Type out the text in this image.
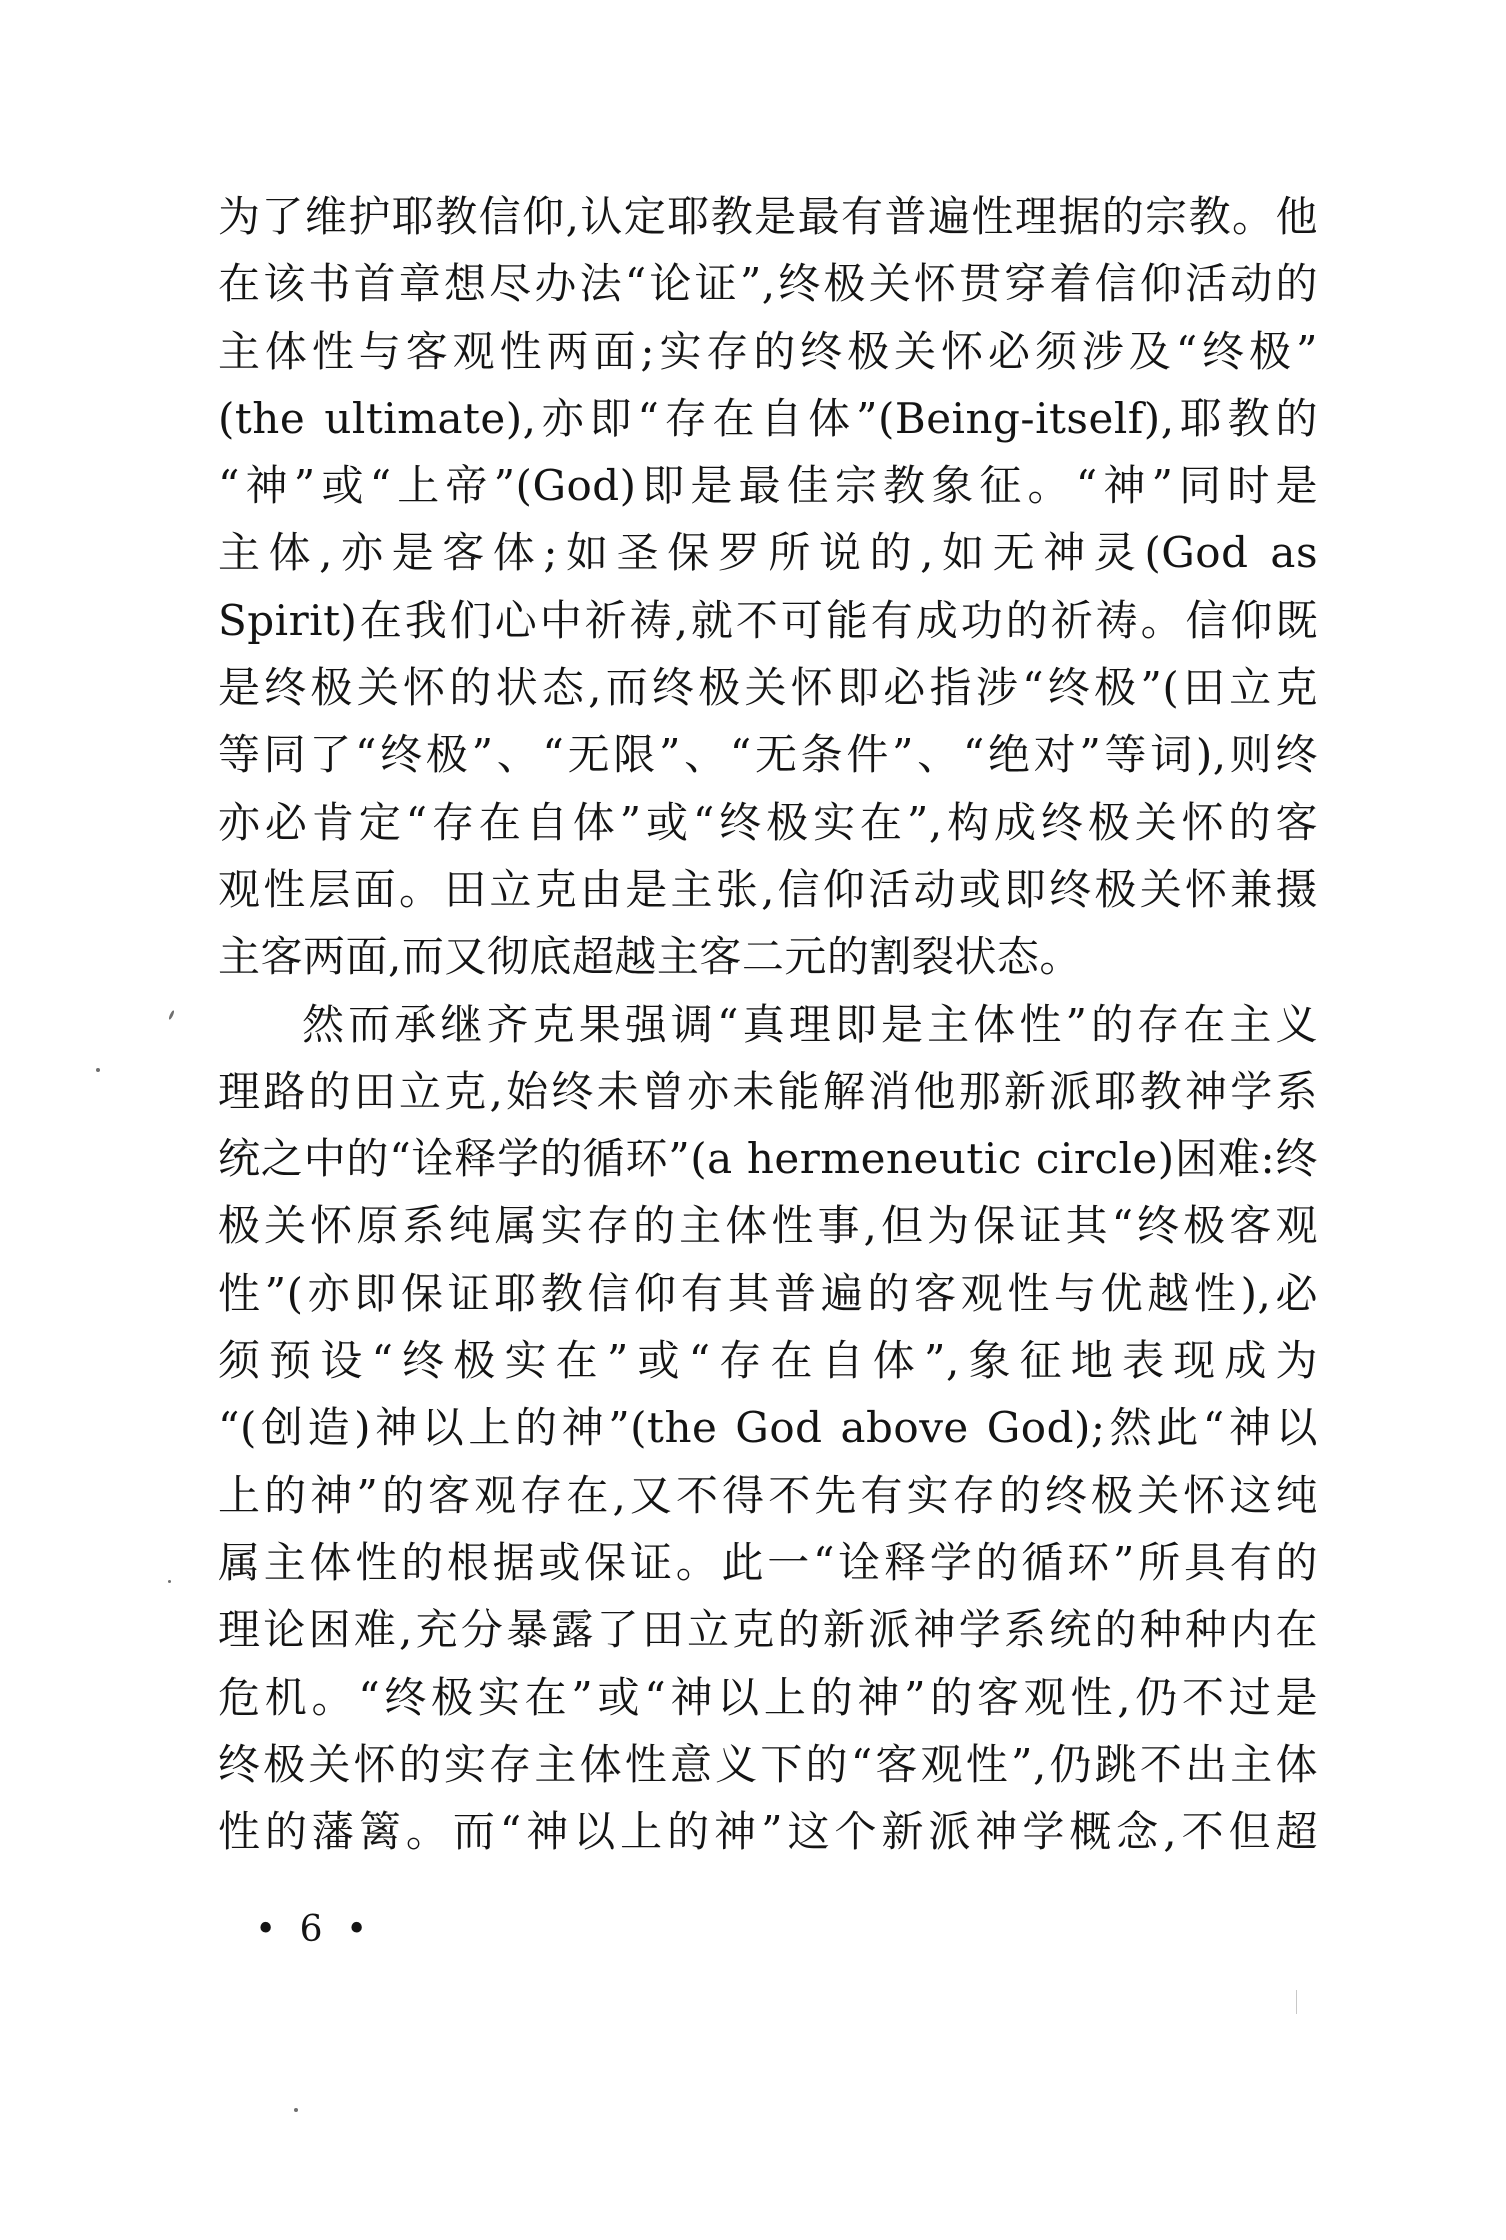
为了维护耶教信仰,认定耶教是最有普遍性理据的宗教。他
在该书首章想尽办法“论证”,终极关怀贯穿着信仰活动的
主体性与客观性两面;实存的终极关怀必须涉及“终极”
(the ultimate),亦即“存在自体”(Being-itself),耶教的
“神”或“上帝”(God)即是最佳宗教象征。“神”同时是
主体,亦是客体;如圣保罗所说的,如无神灵(God as
Spirit)在我们心中祈祷,就不可能有成功的祈祷。信仰既
是终极关怀的状态,而终极关怀即必指涉“终极”(田立克
等同了“终极”、“无限”、“无条件”、“绝对”等词),则终
亦必肯定“存在自体”或“终极实在”,构成终极关怀的客
观性层面。田立克由是主张,信仰活动或即终极关怀兼摄
主客两面,而又彻底超越主客二元的割裂状态。
然而承继齐克果强调“真理即是主体性”的存在主义
理路的田立克,始终未曾亦未能解消他那新派耶教神学系
统之中的“诠释学的循环”(a hermeneutic circle)困难:终
极关怀原系纯属实存的主体性事,但为保证其“终极客观
性”(亦即保证耶教信仰有其普遍的客观性与优越性),必
须预设“终极实在”或“存在自体”,象征地表现成为
“(创造)神以上的神”(the God above God);然此“神以
上的神”的客观存在,又不得不先有实存的终极关怀这纯
属主体性的根据或保证。此一“诠释学的循环”所具有的
理论困难,充分暴露了田立克的新派神学系统的种种内在
危机。“终极实在”或“神以上的神”的客观性,仍不过是
终极关怀的实存主体性意义下的“客观性”,仍跳不出主体
性的藩篱。而“神以上的神”这个新派神学概念,不但超
• 6 •
